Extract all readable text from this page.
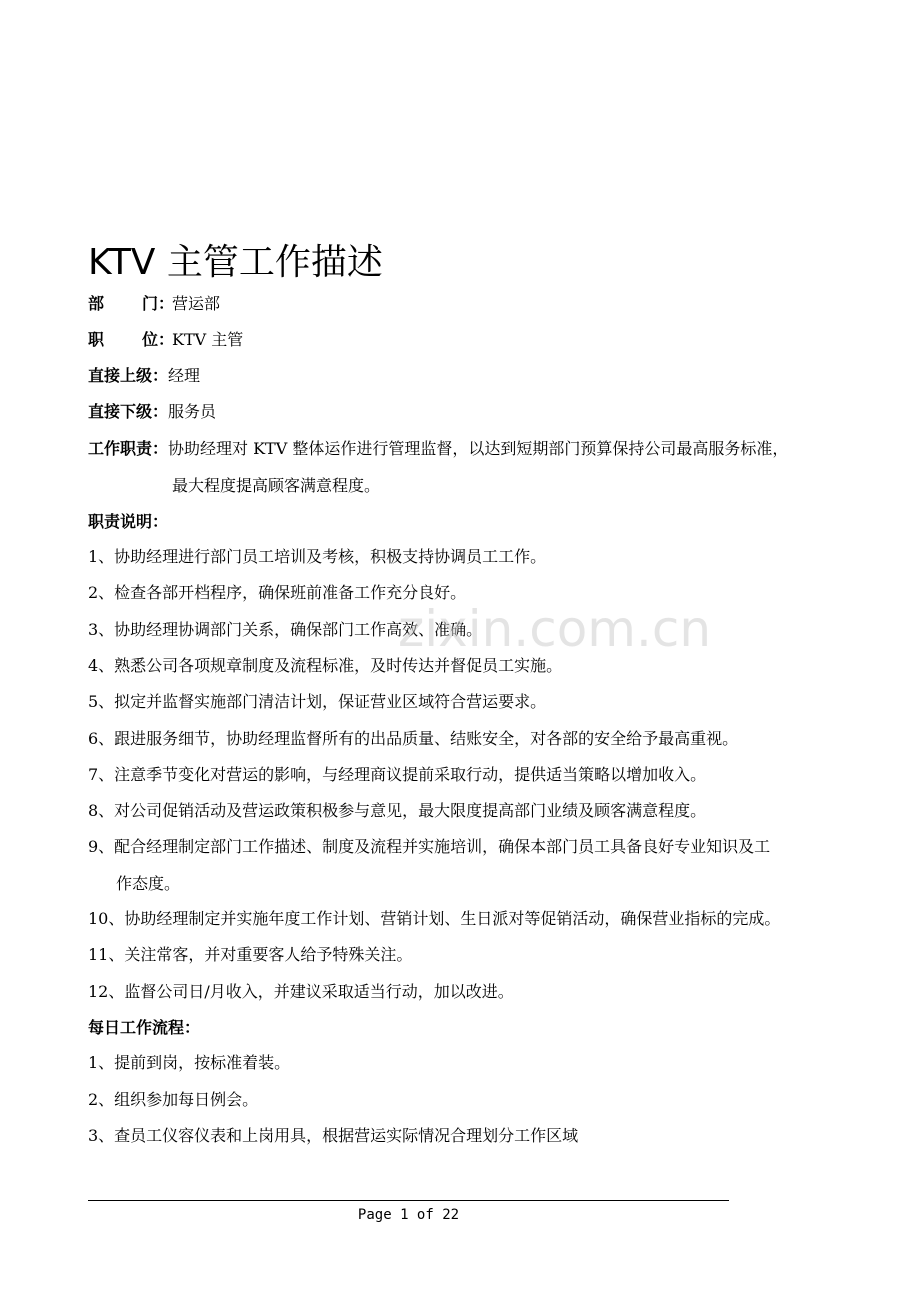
KTV 主管工作描述
部 门：营运部
职 位：KTV 主管
直接上级：经理
直接下级：服务员
工作职责：协助经理对 KTV 整体运作进行管理监督，以达到短期部门预算保持公司最高服务标准，
最大程度提高顾客满意程度。
职责说明：
1、协助经理进行部门员工培训及考核，积极支持协调员工工作。
2、检查各部开档程序，确保班前准备工作充分良好。
3、协助经理协调部门关系，确保部门工作高效、准确。
4、熟悉公司各项规章制度及流程标准，及时传达并督促员工实施。
5、拟定并监督实施部门清洁计划，保证营业区域符合营运要求。
6、跟进服务细节，协助经理监督所有的出品质量、结账安全，对各部的安全给予最高重视。
7、注意季节变化对营运的影响，与经理商议提前采取行动，提供适当策略以增加收入。
8、对公司促销活动及营运政策积极参与意见，最大限度提高部门业绩及顾客满意程度。
9、配合经理制定部门工作描述、制度及流程并实施培训，确保本部门员工具备良好专业知识及工
作态度。
10、协助经理制定并实施年度工作计划、营销计划、生日派对等促销活动，确保营业指标的完成。
11、关注常客，并对重要客人给予特殊关注。
12、监督公司日/月收入，并建议采取适当行动，加以改进。
每日工作流程：
1、提前到岗，按标准着装。
2、组织参加每日例会。
3、查员工仪容仪表和上岗用具，根据营运实际情况合理划分工作区域
zixin.com.cn
Page 1 of 22
